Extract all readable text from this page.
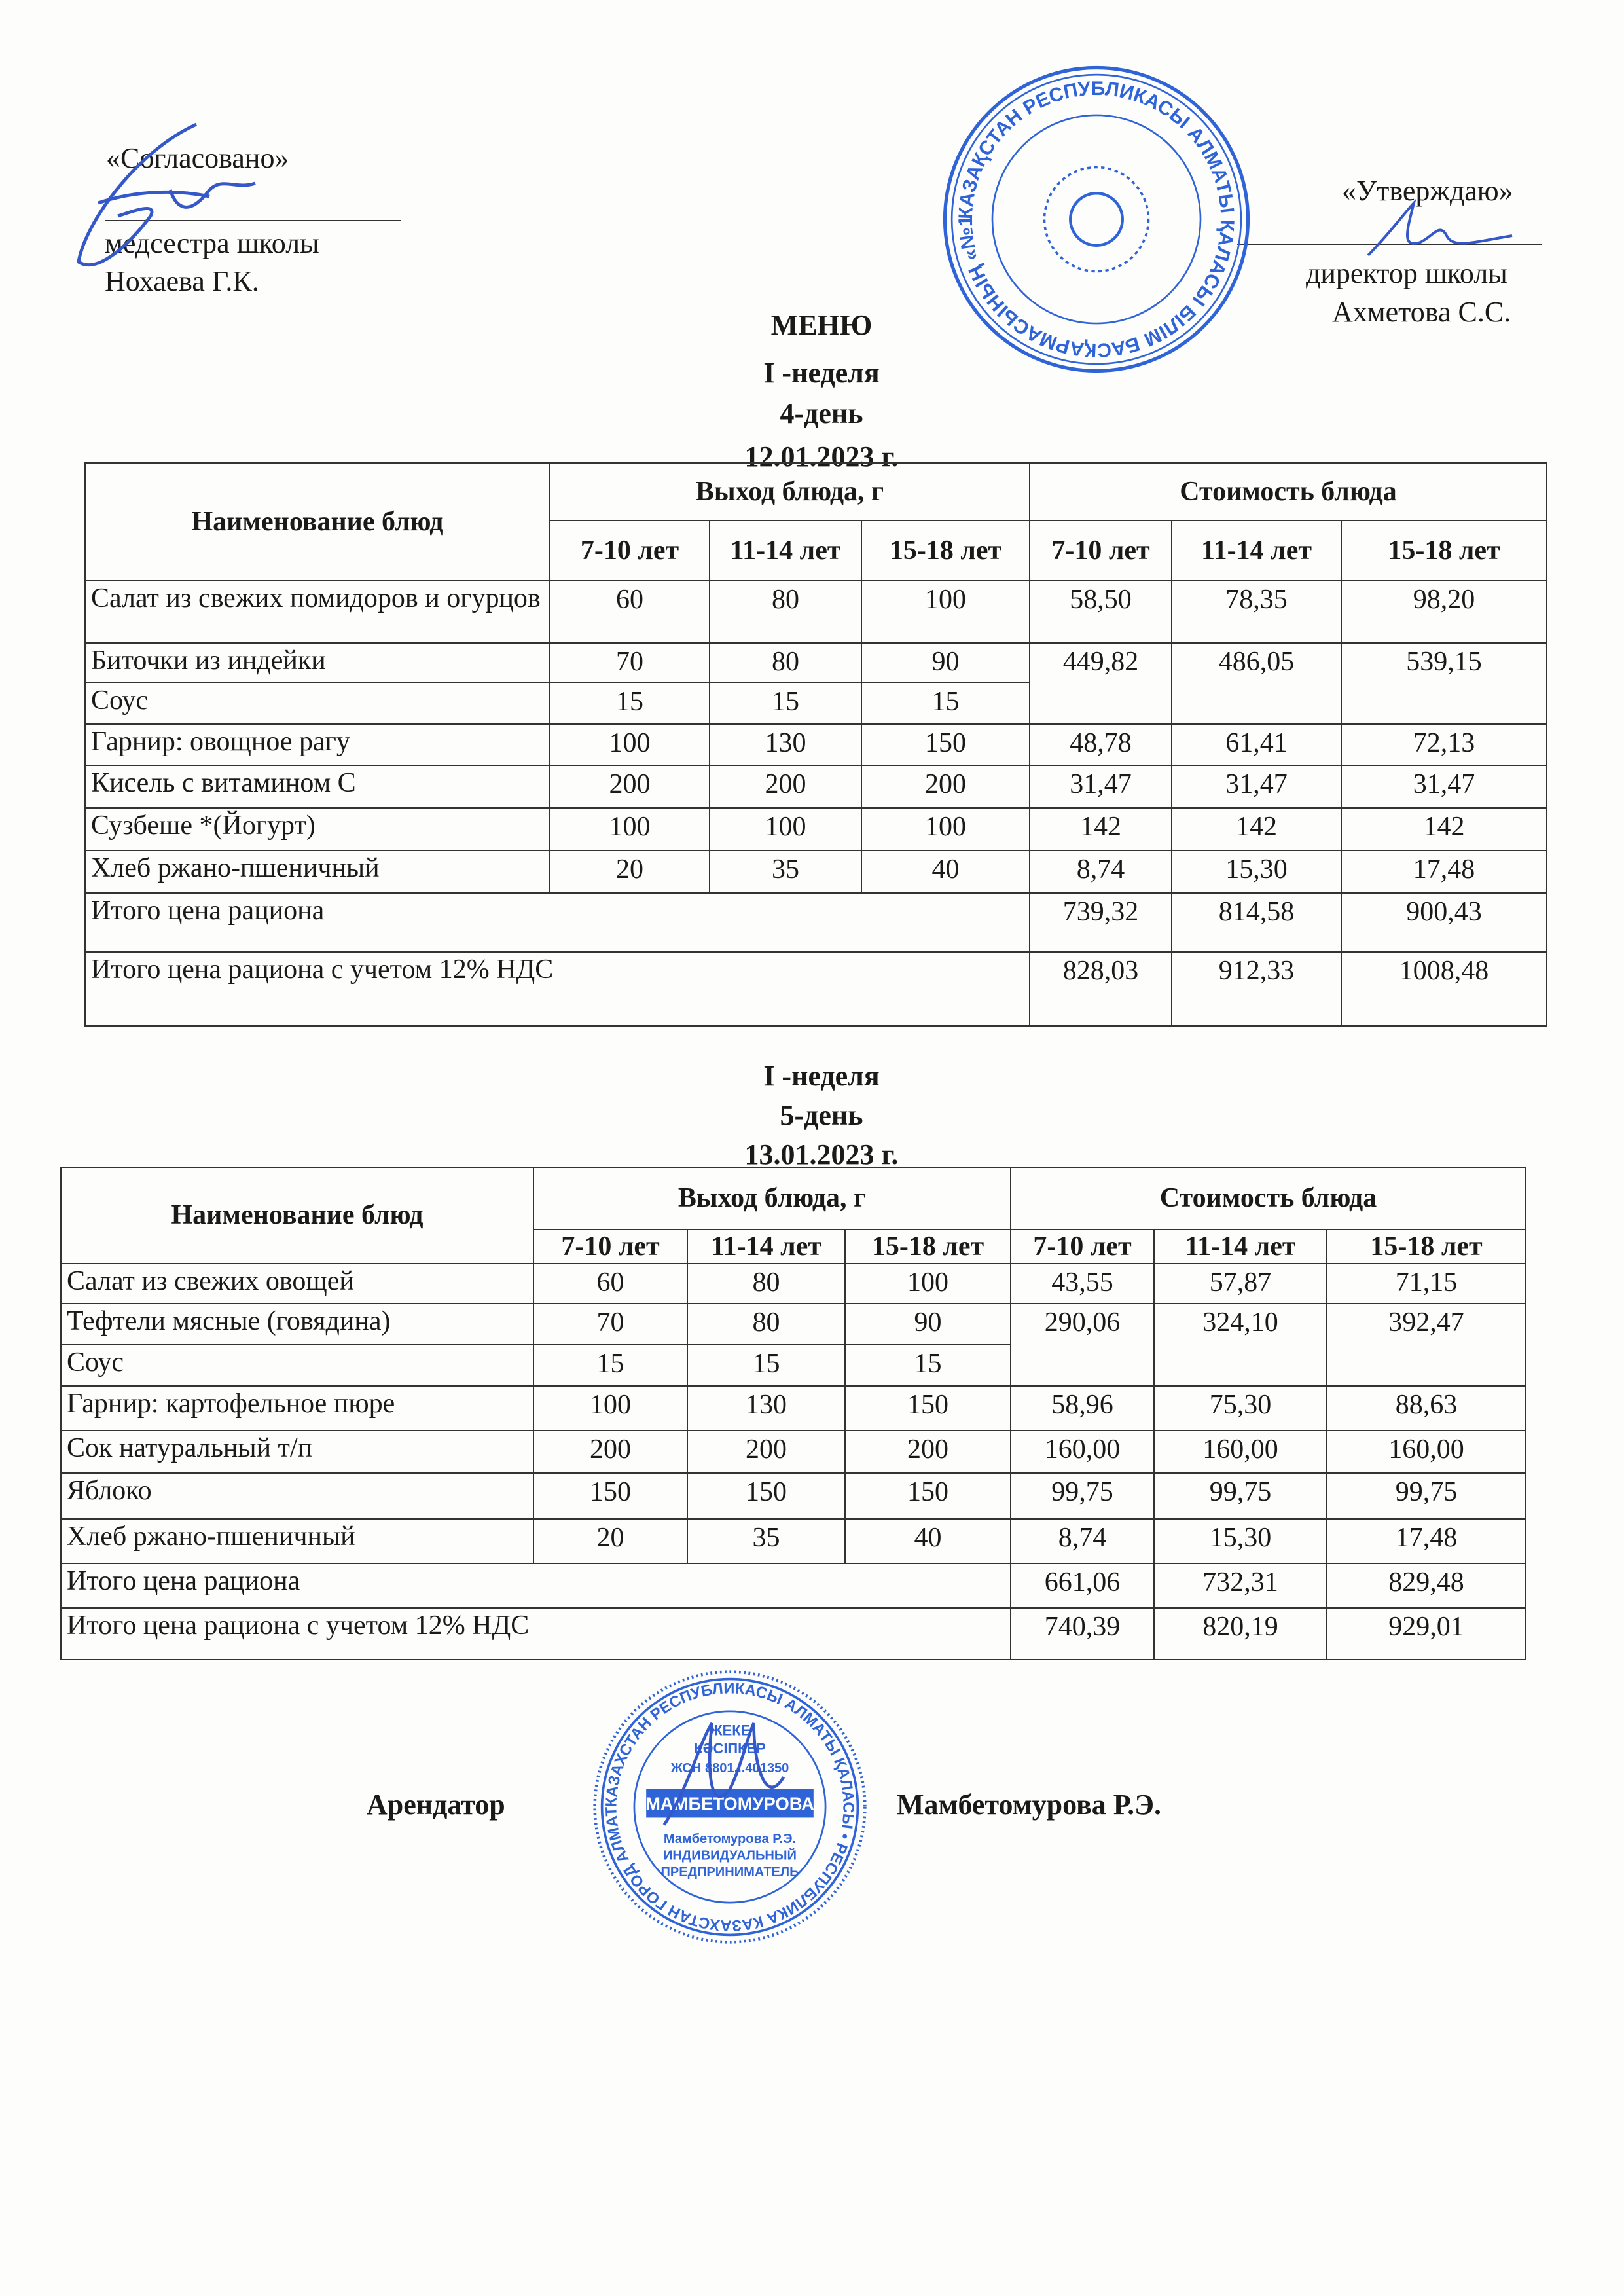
«Согласовано»
медсестра школы
Нохаева Г.К.
«Утверждаю»
директор школы
Ахметова С.С.
КАЗАҚСТАН РЕСПУБЛИКАСЫ АЛМАТЫ ҚАЛАСЫ БІЛІМ БАСҚАРМАСЫНЫҢ «№102 ЖАЛПЫ БІЛІМ БЕРЕТІН МЕКТЕП» КОММУНАЛДЫҚ МЕМЛЕКЕТТІК МЕКЕМЕСІ
МЕНЮ
I -неделя
4-день
12.01.2023 г.
Наименование блюд	Выход блюда, г			Стоимость блюда		
	7-10 лет	11-14 лет	15-18 лет	7-10 лет	11-14 лет	15-18 лет
Салат из свежих помидоров и огурцов	60	80	100	58,50	78,35	98,20
Биточки из индейки	70	80	90	449,82	486,05	539,15
Соус	15	15	15			
Гарнир: овощное рагу	100	130	150	48,78	61,41	72,13
Кисель с витамином С	200	200	200	31,47	31,47	31,47
Сузбеше *(Йогурт)	100	100	100	142	142	142
Хлеб ржано-пшеничный	20	35	40	8,74	15,30	17,48
Итого цена рациона				739,32	814,58	900,43
Итого цена рациона с учетом 12% НДС				828,03	912,33	1008,48
I -неделя
5-день
13.01.2023 г.
Наименование блюд	Выход блюда, г			Стоимость блюда		
	7-10 лет	11-14 лет	15-18 лет	7-10 лет	11-14 лет	15-18 лет
Салат из свежих овощей	60	80	100	43,55	57,87	71,15
Тефтели мясные (говядина)	70	80	90	290,06	324,10	392,47
Соус	15	15	15			
Гарнир: картофельное пюре	100	130	150	58,96	75,30	88,63
Сок натуральный т/п	200	200	200	160,00	160,00	160,00
Яблоко	150	150	150	99,75	99,75	99,75
Хлеб ржано-пшеничный	20	35	40	8,74	15,30	17,48
Итого цена рациона				661,06	732,31	829,48
Итого цена рациона с учетом 12% НДС				740,39	820,19	929,01
Арендатор	Мамбетомурова Р.Э.
КАЗАХСТАН РЕСПУБЛИКАСЫ АЛМАТЫ ҚАЛАСЫ • РЕСПУБЛИКА КАЗАХСТАН ГОРОД АЛМАТЫ
ЖЕКЕ
КӘСІПКЕР
ЖСН 8801...401350
МАМБЕТОМУРОВА
Мамбетомурова Р.Э.
ИНДИВИДУАЛЬНЫЙ
ПРЕДПРИНИМАТЕЛЬ
